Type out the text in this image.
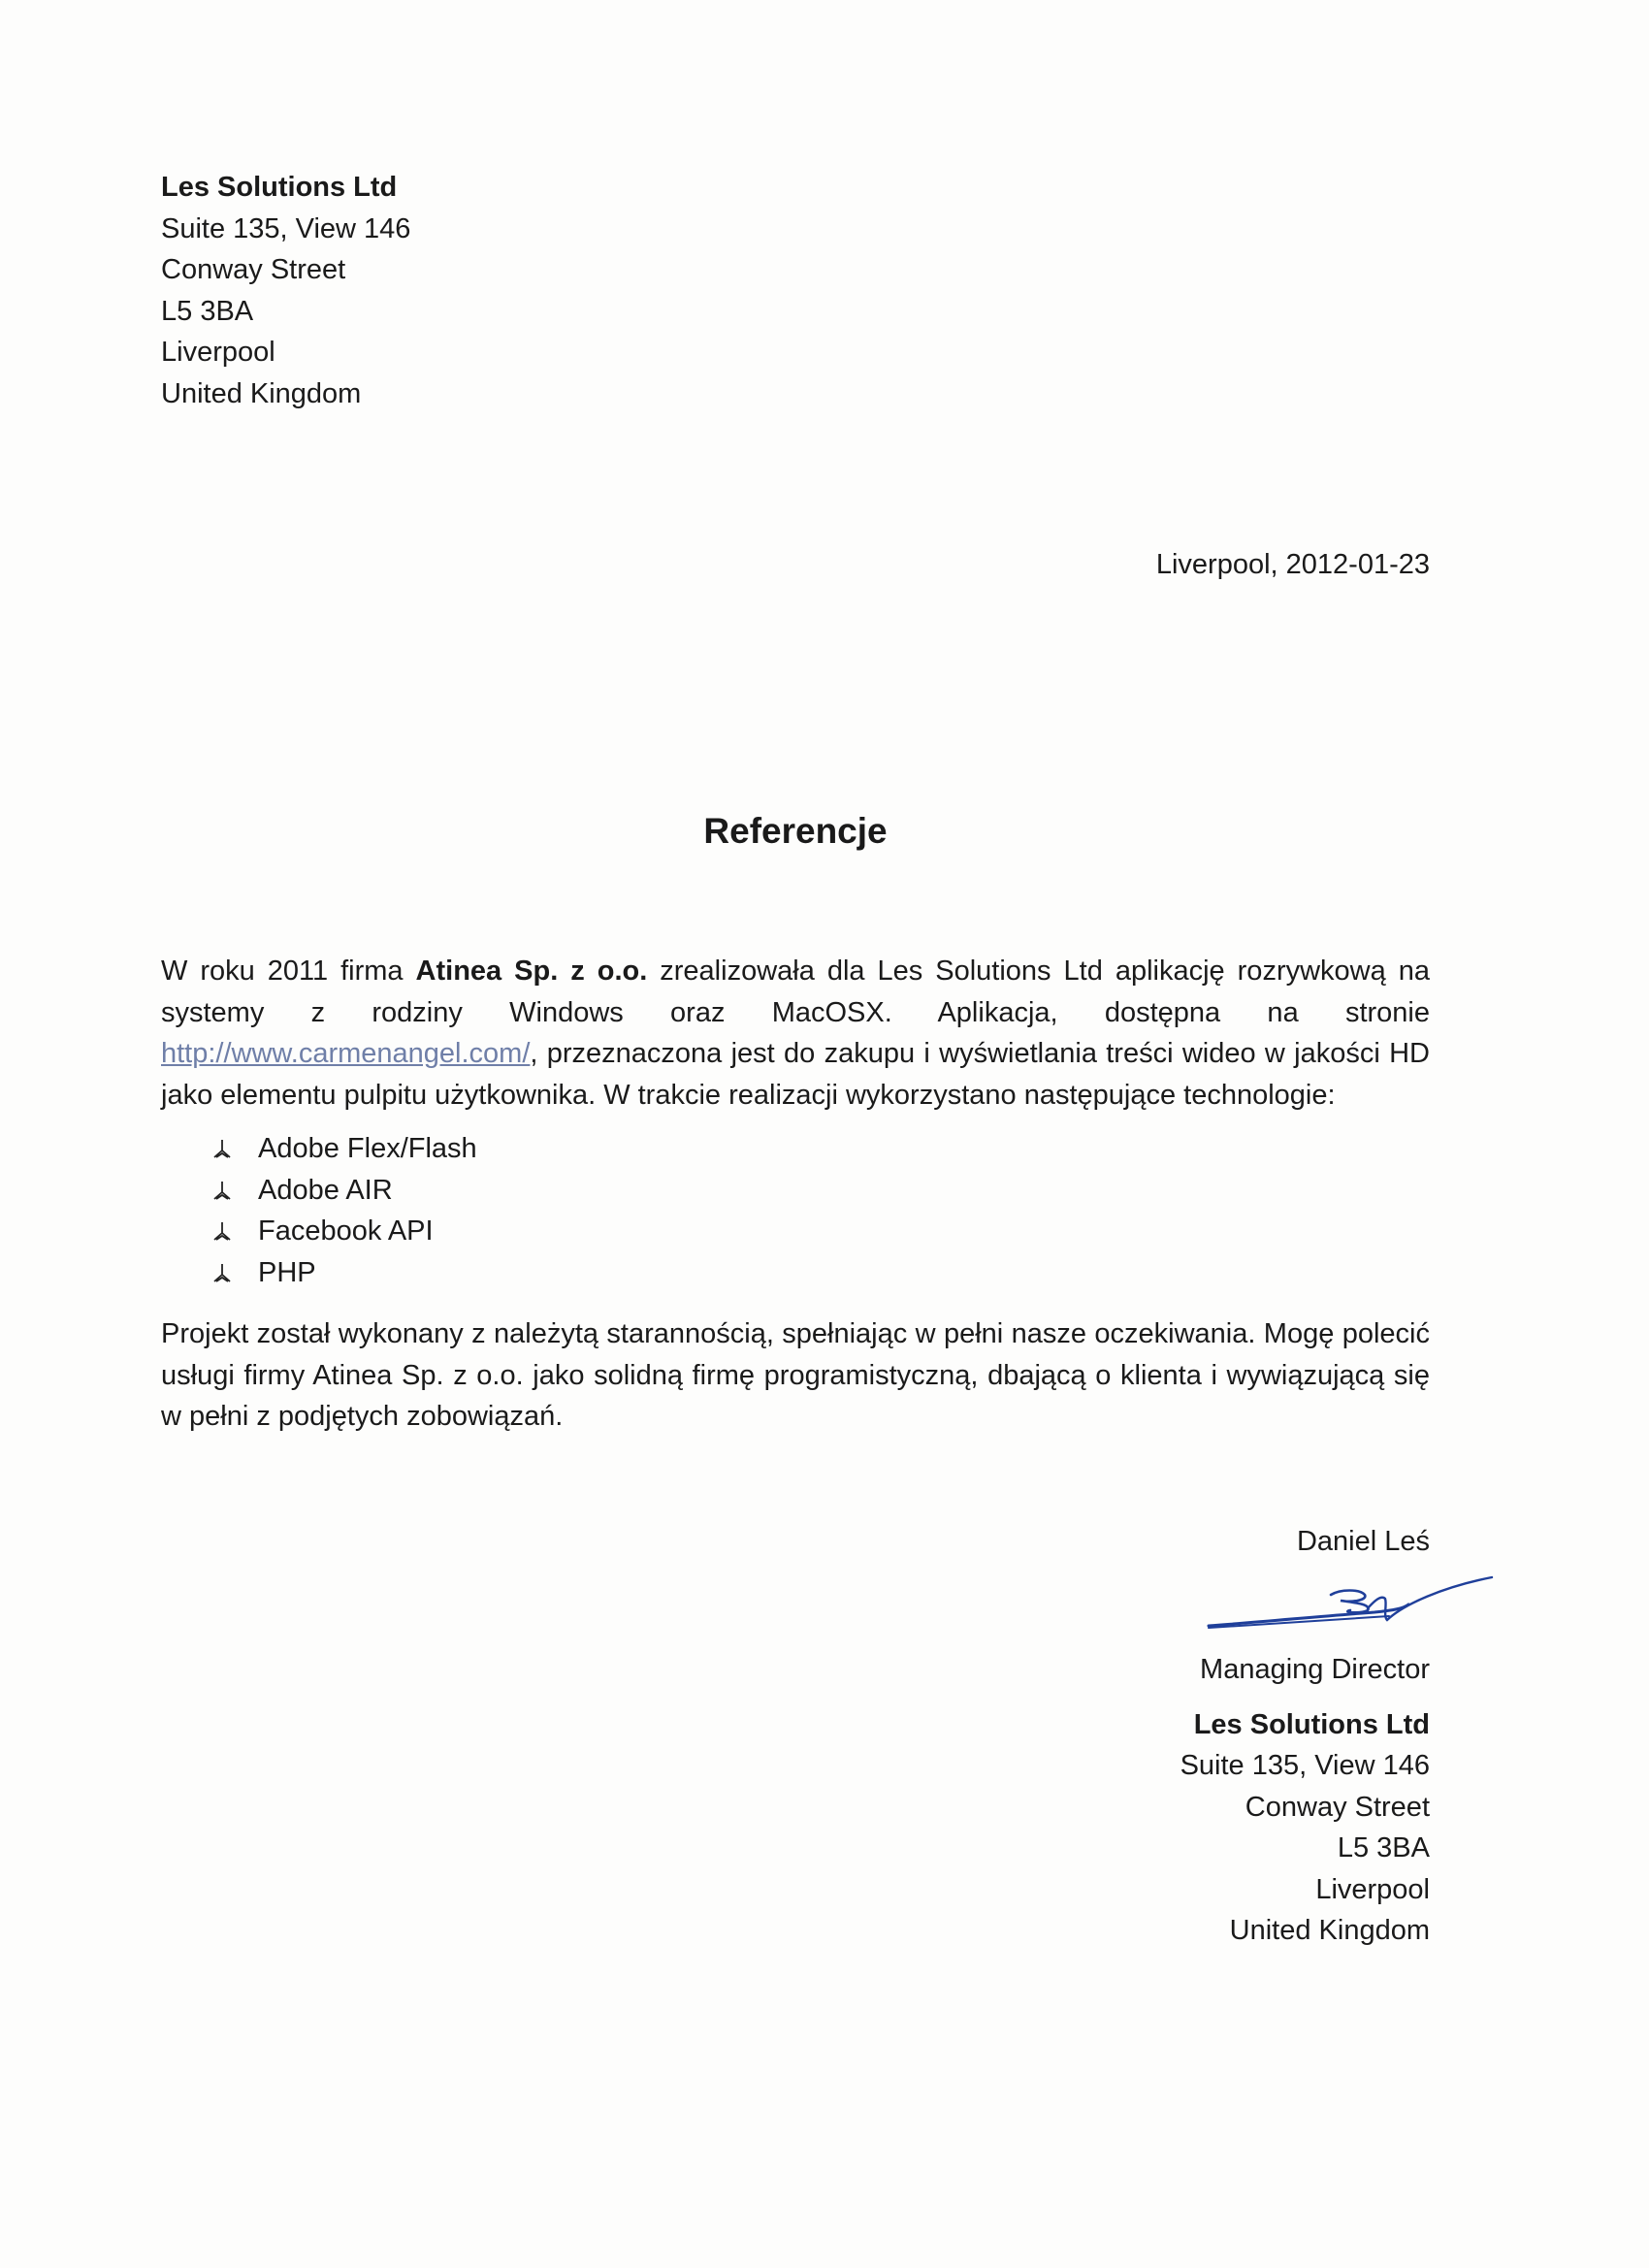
Les Solutions Ltd
Suite 135, View 146
Conway Street
L5 3BA
Liverpool
United Kingdom
Liverpool, 2012-01-23
Referencje
W roku 2011 firma Atinea Sp. z o.o. zrealizowała dla Les Solutions Ltd aplikację rozrywkową na systemy z rodziny Windows oraz MacOSX. Aplikacja, dostępna na stronie http://www.carmenangel.com/, przeznaczona jest do zakupu i wyświetlania treści wideo w jakości HD jako elementu pulpitu użytkownika. W trakcie realizacji wykorzystano następujące technologie:
Adobe Flex/Flash
Adobe AIR
Facebook API
PHP
Projekt został wykonany z należytą starannością, spełniając w pełni nasze oczekiwania. Mogę polecić usługi firmy Atinea Sp. z o.o. jako solidną firmę programistyczną, dbającą o klienta i wywiązującą się w pełni z podjętych zobowiązań.
Daniel Leś
Managing Director
Les Solutions Ltd
Suite 135, View 146
Conway Street
L5 3BA
Liverpool
United Kingdom
